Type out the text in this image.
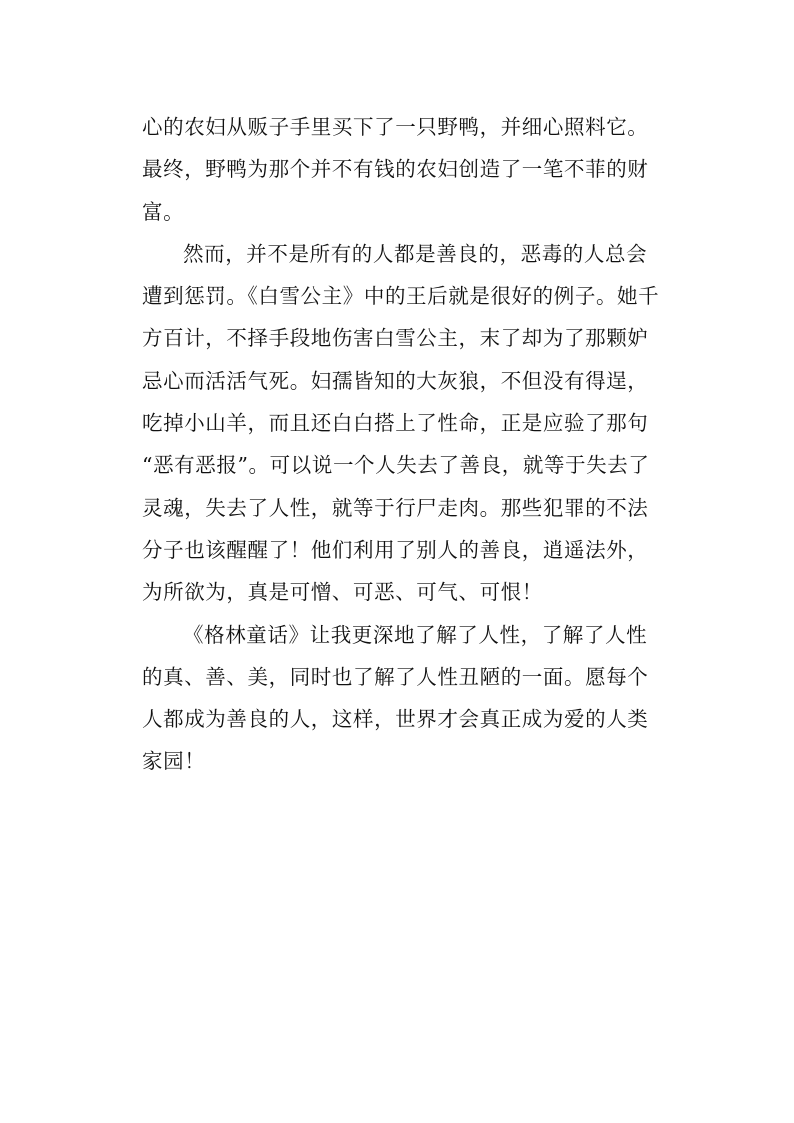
心的农妇从贩子手里买下了一只野鸭，并细心照料它。
最终，野鸭为那个并不有钱的农妇创造了一笔不菲的财
富。
然而，并不是所有的人都是善良的，恶毒的人总会
遭到惩罚。《白雪公主》中的王后就是很好的例子。她千
方百计，不择手段地伤害白雪公主，末了却为了那颗妒
忌心而活活气死。妇孺皆知的大灰狼，不但没有得逞，
吃掉小山羊，而且还白白搭上了性命，正是应验了那句
“恶有恶报”。可以说一个人失去了善良，就等于失去了
灵魂，失去了人性，就等于行尸走肉。那些犯罪的不法
分子也该醒醒了！他们利用了别人的善良，逍遥法外，
为所欲为，真是可憎、可恶、可气、可恨！
《格林童话》让我更深地了解了人性，了解了人性
的真、善、美，同时也了解了人性丑陋的一面。愿每个
人都成为善良的人，这样，世界才会真正成为爱的人类
家园！
